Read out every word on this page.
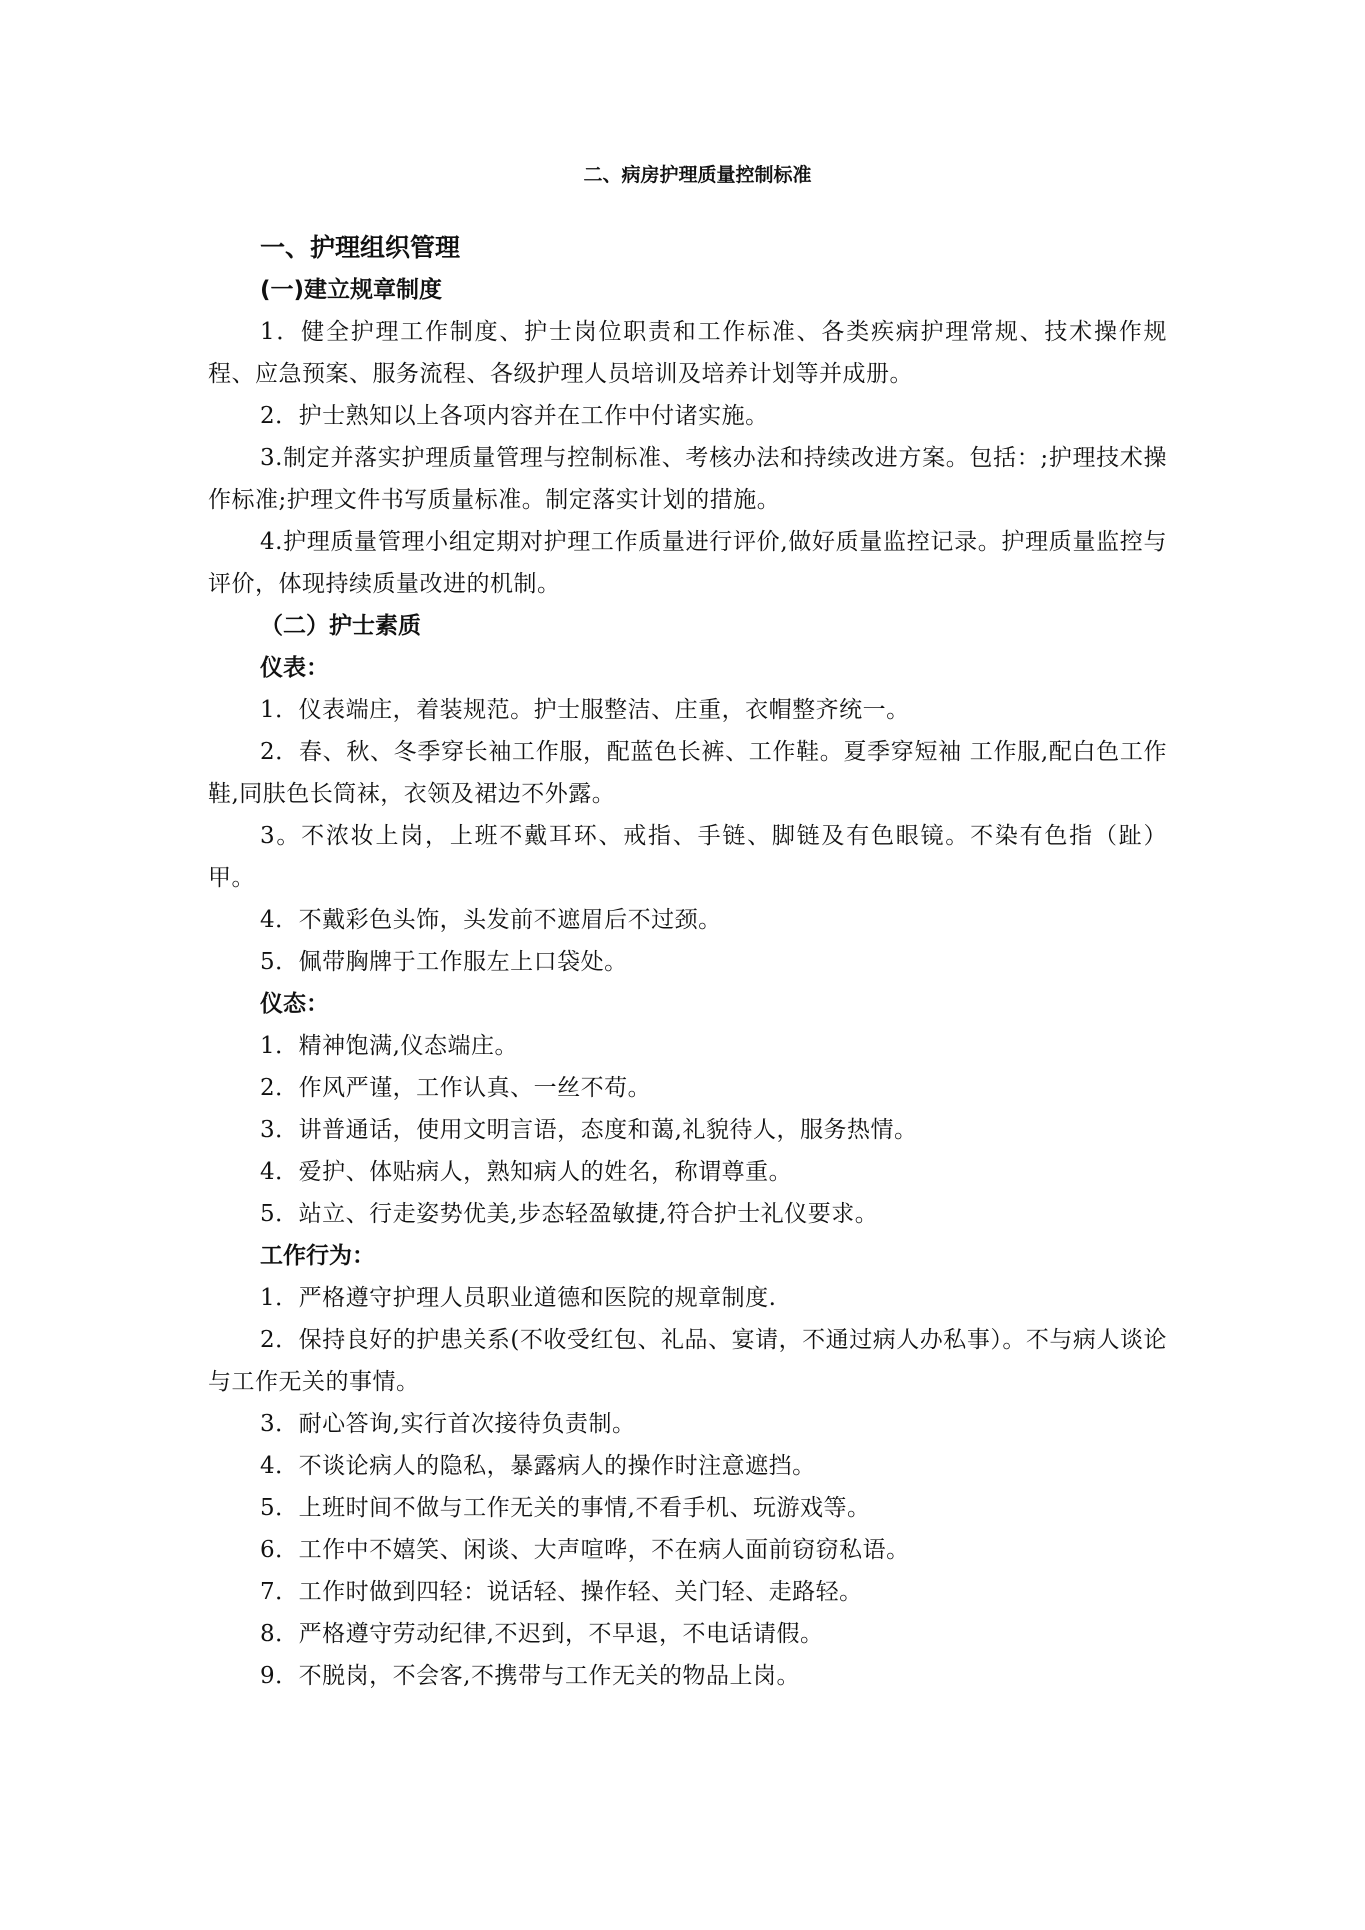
二、病房护理质量控制标准
一、护理组织管理
(一)建立规章制度
1．健全护理工作制度、护士岗位职责和工作标准、各类疾病护理常规、技术操作规程、应急预案、服务流程、各级护理人员培训及培养计划等并成册。
2．护士熟知以上各项内容并在工作中付诸实施。
3.制定并落实护理质量管理与控制标准、考核办法和持续改进方案。包括：;护理技术操作标准;护理文件书写质量标准。制定落实计划的措施。
4.护理质量管理小组定期对护理工作质量进行评价,做好质量监控记录。护理质量监控与评价，体现持续质量改进的机制。
（二）护士素质
仪表：
1．仪表端庄，着装规范。护士服整洁、庄重，衣帽整齐统一。
2．春、秋、冬季穿长袖工作服，配蓝色长裤、工作鞋。夏季穿短袖 工作服,配白色工作鞋,同肤色长筒袜，衣领及裙边不外露。
3。不浓妆上岗，上班不戴耳环、戒指、手链、脚链及有色眼镜。不染有色指（趾）甲。
4．不戴彩色头饰，头发前不遮眉后不过颈。
5．佩带胸牌于工作服左上口袋处。
仪态：
1．精神饱满,仪态端庄。
2．作风严谨，工作认真、一丝不苟。
3．讲普通话，使用文明言语，态度和蔼,礼貌待人，服务热情。
4．爱护、体贴病人，熟知病人的姓名，称谓尊重。
5．站立、行走姿势优美,步态轻盈敏捷,符合护士礼仪要求。
工作行为：
1．严格遵守护理人员职业道德和医院的规章制度.
2．保持良好的护患关系(不收受红包、礼品、宴请，不通过病人办私事）。不与病人谈论与工作无关的事情。
3．耐心答询,实行首次接待负责制。
4．不谈论病人的隐私，暴露病人的操作时注意遮挡。
5．上班时间不做与工作无关的事情,不看手机、玩游戏等。
6．工作中不嬉笑、闲谈、大声喧哗，不在病人面前窃窃私语。
7．工作时做到四轻：说话轻、操作轻、关门轻、走路轻。
8．严格遵守劳动纪律,不迟到，不早退，不电话请假。
9．不脱岗，不会客,不携带与工作无关的物品上岗。
